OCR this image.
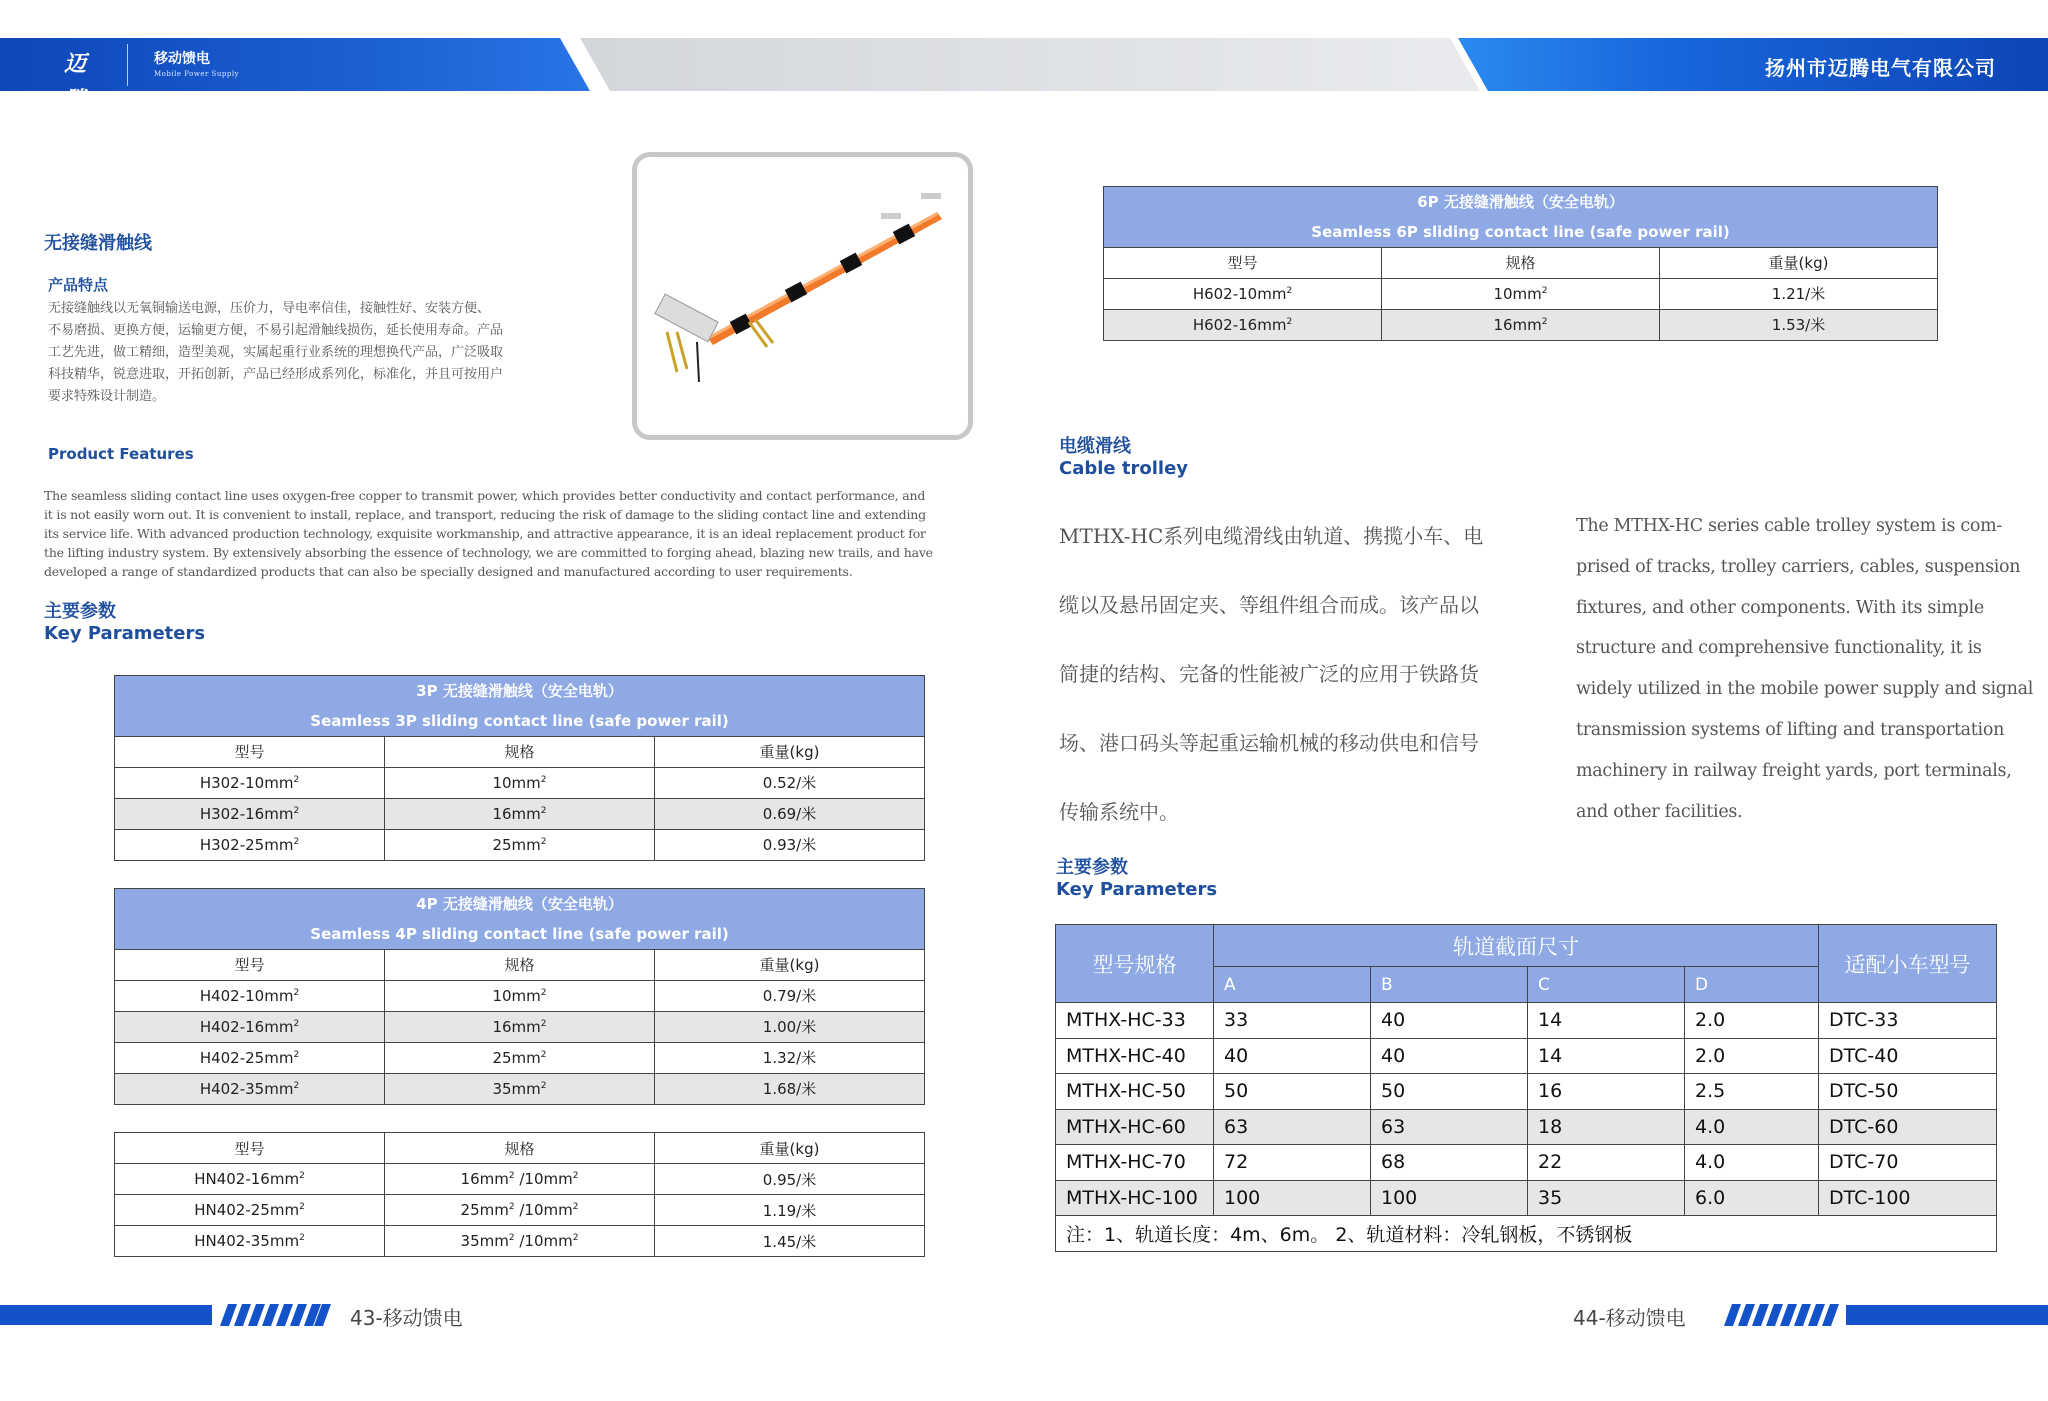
迈腾
移动馈电
Mobile Power Supply	扬州市迈腾电气有限公司
无接缝滑触线
产品特点
无接缝触线以无氧铜输送电源，压价力，导电率信佳，接触性好、安装方便、
不易磨损、更换方便，运输更方便，不易引起滑触线损伤，延长使用寿命。产品
工艺先进，做工精细，造型美观，实属起重行业系统的理想换代产品，广泛吸取
科技精华，锐意进取，开拓创新，产品已经形成系列化，标准化，并且可按用户
要求特殊设计制造。
Product Features
The seamless sliding contact line uses oxygen-free copper to transmit power, which provides better conductivity and contact performance, and
it is not easily worn out. It is convenient to install, replace, and transport, reducing the risk of damage to the sliding contact line and extending
its service life. With advanced production technology, exquisite workmanship, and attractive appearance, it is an ideal replacement product for
the lifting industry system. By extensively absorbing the essence of technology, we are committed to forging ahead, blazing new trails, and have
developed a range of standardized products that can also be specially designed and manufactured according to user requirements.
主要参数
Key Parameters
3P 无接缝滑触线（安全电轨）		
Seamless 3P sliding contact line (safe power rail)		
型号	规格	重量(kg)
$H302-10mm^2$	$10mm^2$	0.52/米
$H302-16mm^2$	$16mm^2$	0.69/米
$H302-25mm^2$	$25mm^2$	0.93/米
4P 无接缝滑触线（安全电轨）		
Seamless 4P sliding contact line (safe power rail)		
型号	规格	重量(kg)
$H402-10mm^2$	$10mm^2$	0.79/米
$H402-16mm^2$	$16mm^2$	1.00/米
$H402-25mm^2$	$25mm^2$	1.32/米
$H402-35mm^2$	$35mm^2$	1.68/米
型号	规格	重量(kg)
$HN402-16mm^2$	$16mm^2$ $/10mm^2$	0.95/米
$HN402-25mm^2$	$25mm^2$ $/10mm^2$	1.19/米
$HN402-35mm^2$	$35mm^2$ $/10mm^2$	1.45/米
6P 无接缝滑触线（安全电轨）		
Seamless 6P sliding contact line (safe power rail)		
型号	规格	重量(kg)
$H602-10mm^2$	$10mm^2$	1.21/米
$H602-16mm^2$	$16mm^2$	1.53/米
电缆滑线
Cable trolley
MTHX-HC系列电缆滑线由轨道、携揽小车、电
缆以及悬吊固定夹、等组件组合而成。该产品以
简捷的结构、完备的性能被广泛的应用于铁路货
场、港口码头等起重运输机械的移动供电和信号
传输系统中。
The MTHX-HC series cable trolley system is com-
prised of tracks, trolley carriers, cables, suspension
fixtures, and other components. With its simple
structure and comprehensive functionality, it is
widely utilized in the mobile power supply and signal
transmission systems of lifting and transportation
machinery in railway freight yards, port terminals,
and other facilities.
主要参数
Key Parameters
型号规格	轨道截面尺寸				适配小车型号
	A	B	C	D	
MTHX-HC-33	33	40	14	2.0	DTC-33
MTHX-HC-40	40	40	14	2.0	DTC-40
MTHX-HC-50	50	50	16	2.5	DTC-50
MTHX-HC-60	63	63	18	4.0	DTC-60
MTHX-HC-70	72	68	22	4.0	DTC-70
MTHX-HC-100	100	100	35	6.0	DTC-100
注：1、轨道长度：4m、6m。 2、轨道材料：冷轧钢板，不锈钢板					
43-移动馈电	44-移动馈电
